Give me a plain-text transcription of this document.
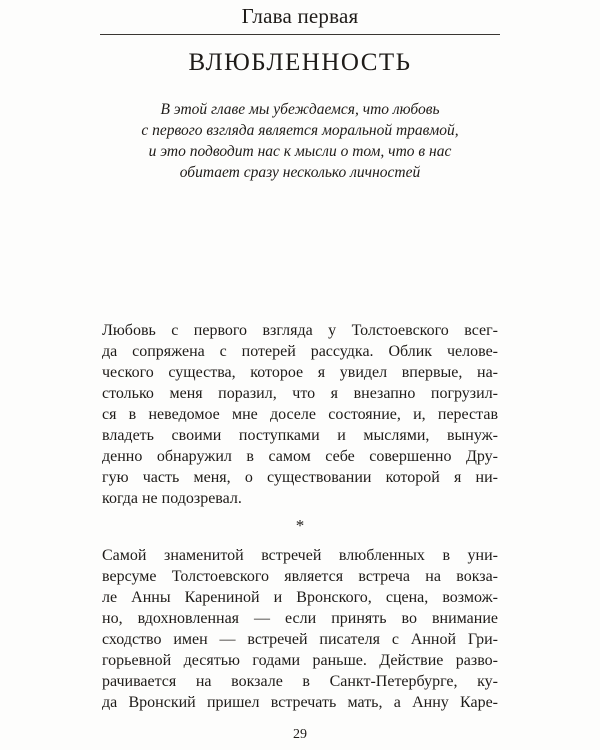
Глава первая
ВЛЮБЛЕННОСТЬ
В этой главе мы убеждаемся, что любовь
с первого взгляда является моральной травмой,
и это подводит нас к мысли о том, что в нас
обитает сразу несколько личностей
Любовь с первого взгляда у Толстоевского всег-
да сопряжена с потерей рассудка. Облик челове-
ческого существа, которое я увидел впервые, на-
столько меня поразил, что я внезапно погрузил-
ся в неведомое мне доселе состояние, и, перестав
владеть своими поступками и мыслями, вынуж-
денно обнаружил в самом себе совершенно Дру-
гую часть меня, о существовании которой я ни-
когда не подозревал.
*
Самой знаменитой встречей влюбленных в уни-
версуме Толстоевского является встреча на вокза-
ле Анны Карениной и Вронского, сцена, возмож-
но, вдохновленная — если принять во внимание
сходство имен — встречей писателя с Анной Гри-
горьевной десятью годами раньше. Действие разво-
рачивается на вокзале в Санкт-Петербурге, ку-
да Вронский пришел встречать мать, а Анну Каре-
29
